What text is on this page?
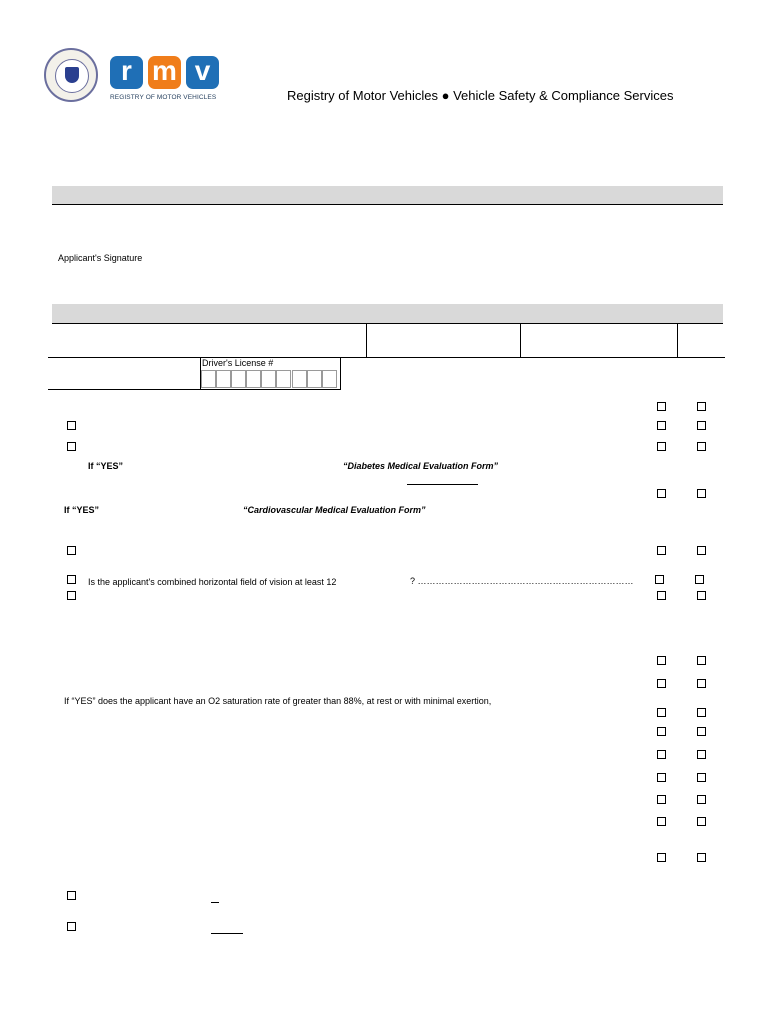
r m v
REGISTRY OF MOTOR VEHICLES	Registry of Motor Vehicles ● Vehicle Safety & Compliance Services
Applicant's Signature
Driver's License #
If “YES”	“Diabetes Medical Evaluation Form”
If “YES”	“Cardiovascular Medical Evaluation Form”
Is the applicant's combined horizontal field of vision at least 12	? ………………………………………………………………
If “YES” does the applicant have an O2 saturation rate of greater than 88%, at rest or with minimal exertion,
